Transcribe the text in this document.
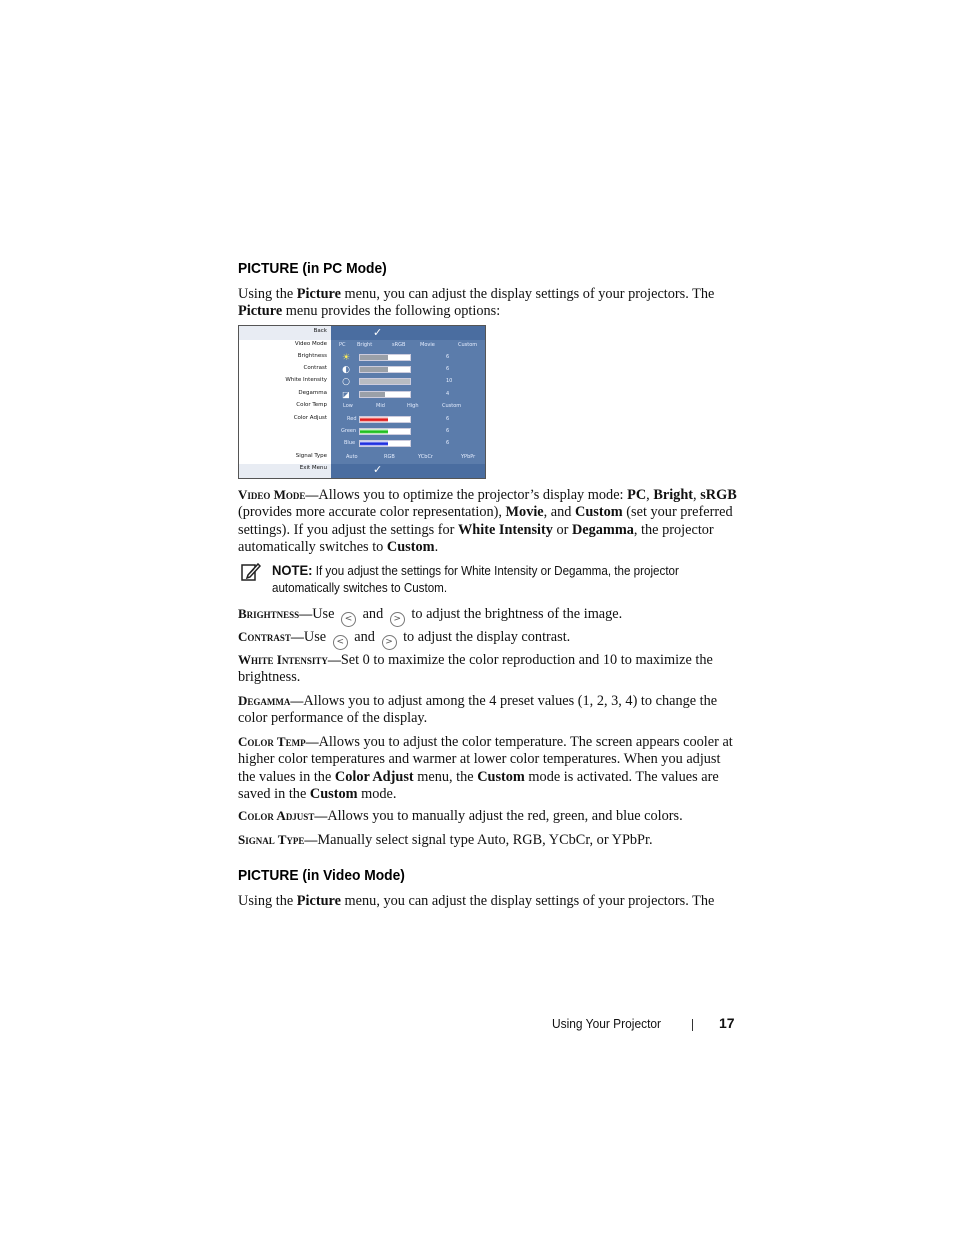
PICTURE (in PC Mode)
Using the Picture menu, you can adjust the display settings of your projectors. The Picture menu provides the following options:
Back	✓
Video Mode PC Bright	sRGB	Movie	Custom
Brightness ☀	6
Contrast ◐	6
White Intensity ○	10
Degamma ◪	4
Color Temp	Low	Mid	High	Custom
Color Adjust	Red	6
Green	6
Blue	6
Signal Type	Auto	RGB	YCbCr	YPbPr
Exit Menu	✓
Video Mode—Allows you to optimize the projector’s display mode: PC, Bright, sRGB (provides more accurate color representation), Movie, and Custom (set your preferred settings). If you adjust the settings for White Intensity or Degamma, the projector automatically switches to Custom.
NOTE: If you adjust the settings for White Intensity or Degamma, the projector automatically switches to Custom.
Brightness—Use < and > to adjust the brightness of the image.
Contrast—Use < and > to adjust the display contrast.
White Intensity—Set 0 to maximize the color reproduction and 10 to maximize the brightness.
Degamma—Allows you to adjust among the 4 preset values (1, 2, 3, 4) to change the color performance of the display.
Color Temp—Allows you to adjust the color temperature. The screen appears cooler at higher color temperatures and warmer at lower color temperatures. When you adjust the values in the Color Adjust menu, the Custom mode is activated. The values are saved in the Custom mode.
Color Adjust—Allows you to manually adjust the red, green, and blue colors.
Signal Type—Manually select signal type Auto, RGB, YCbCr, or YPbPr.
PICTURE (in Video Mode)
Using the Picture menu, you can adjust the display settings of your projectors. The
Using Your Projector	17
